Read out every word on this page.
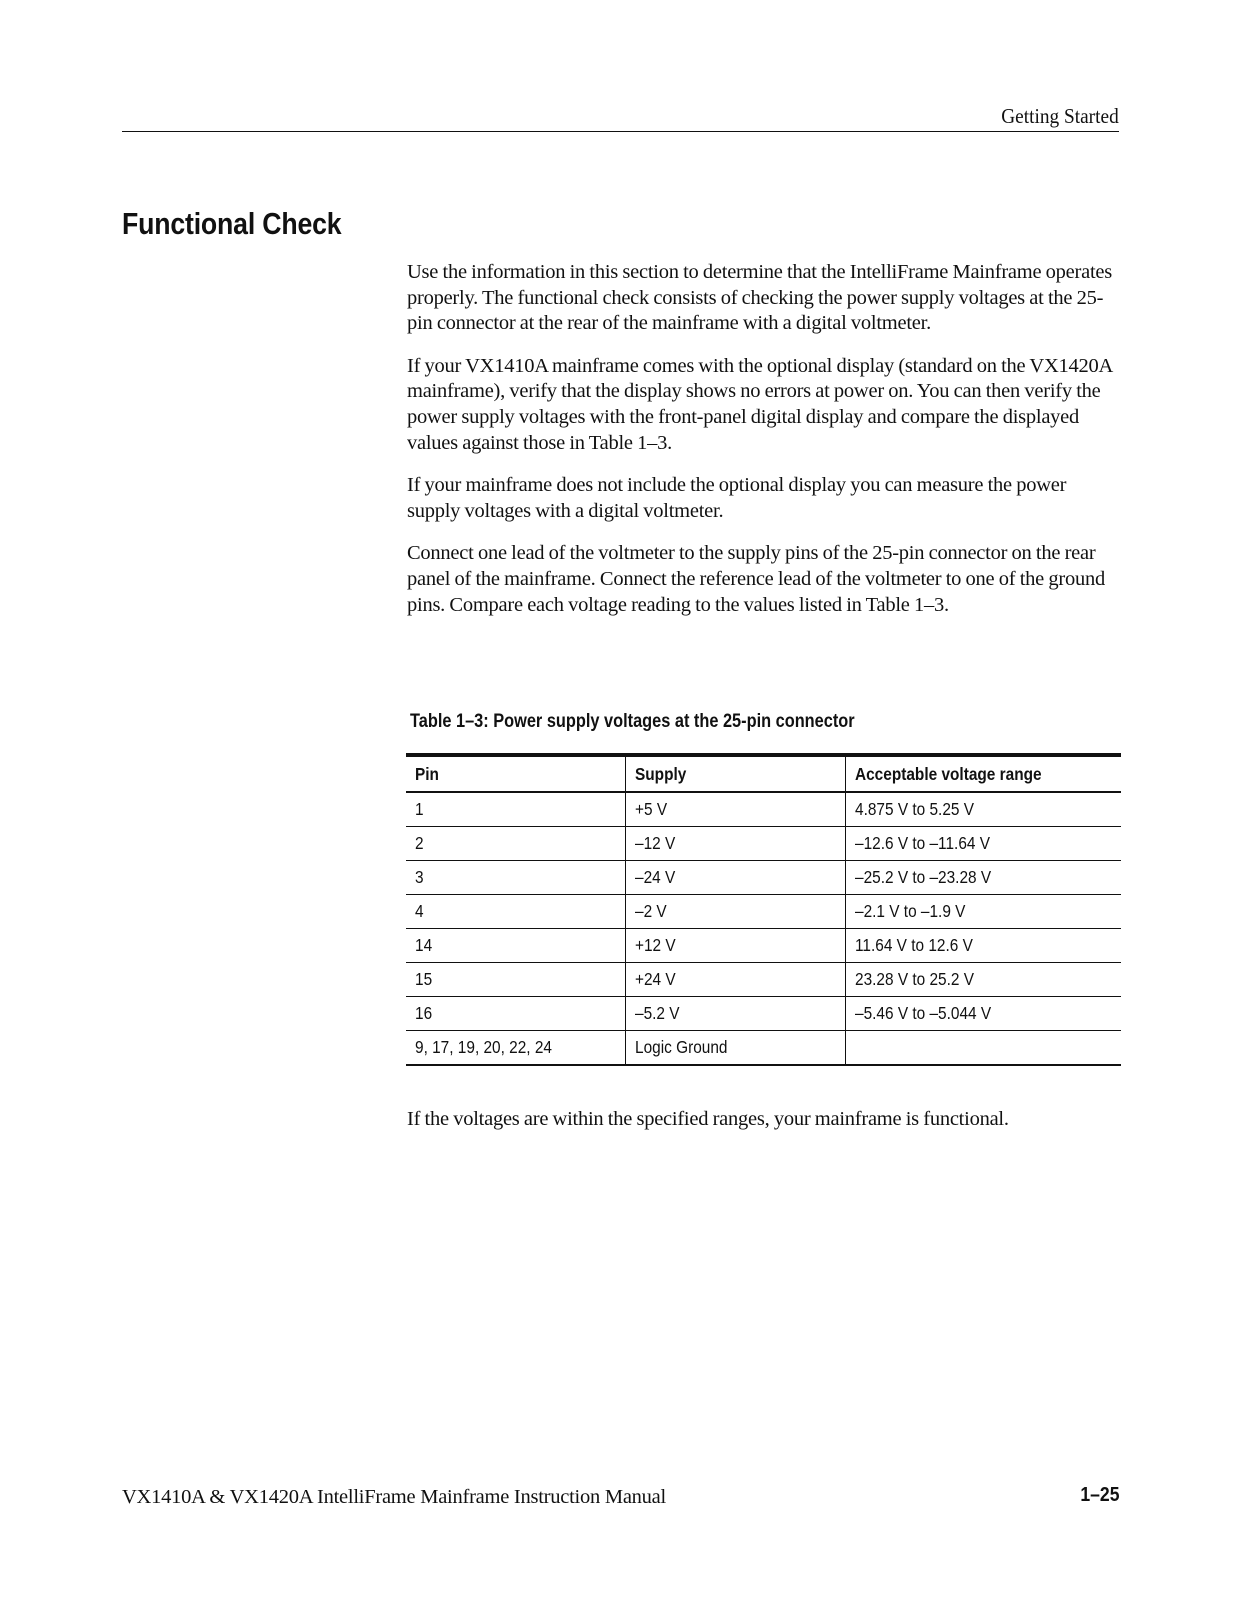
Getting Started
Functional Check

Use the information in this section to determine that the IntelliFrame Mainframe operates properly. The functional check consists of checking the power supply voltages at the 25-pin connector at the rear of the mainframe with a digital voltmeter.

If your VX1410A mainframe comes with the optional display (standard on the VX1420A mainframe), verify that the display shows no errors at power on. You can then verify the power supply voltages with the front-panel digital display and compare the displayed values against those in Table 1–3.

If your mainframe does not include the optional display you can measure the power supply voltages with a digital voltmeter.

Connect one lead of the voltmeter to the supply pins of the 25-pin connector on the rear panel of the mainframe. Connect the reference lead of the voltmeter to one of the ground pins. Compare each voltage reading to the values listed in Table 1–3.

Table 1–3: Power supply voltages at the 25-pin connector

Pin	Supply	Acceptable voltage range
1	+5 V	4.875 V to 5.25 V
2	–12 V	–12.6 V to –11.64 V
3	–24 V	–25.2 V to –23.28 V
4	–2 V	–2.1 V to –1.9 V
14	+12 V	11.64 V to 12.6 V
15	+24 V	23.28 V to 25.2 V
16	–5.2 V	–5.46 V to –5.044 V
9, 17, 19, 20, 22, 24	Logic Ground	

If the voltages are within the specified ranges, your mainframe is functional.

VX1410A & VX1420A IntelliFrame Mainframe Instruction Manual	1–25
